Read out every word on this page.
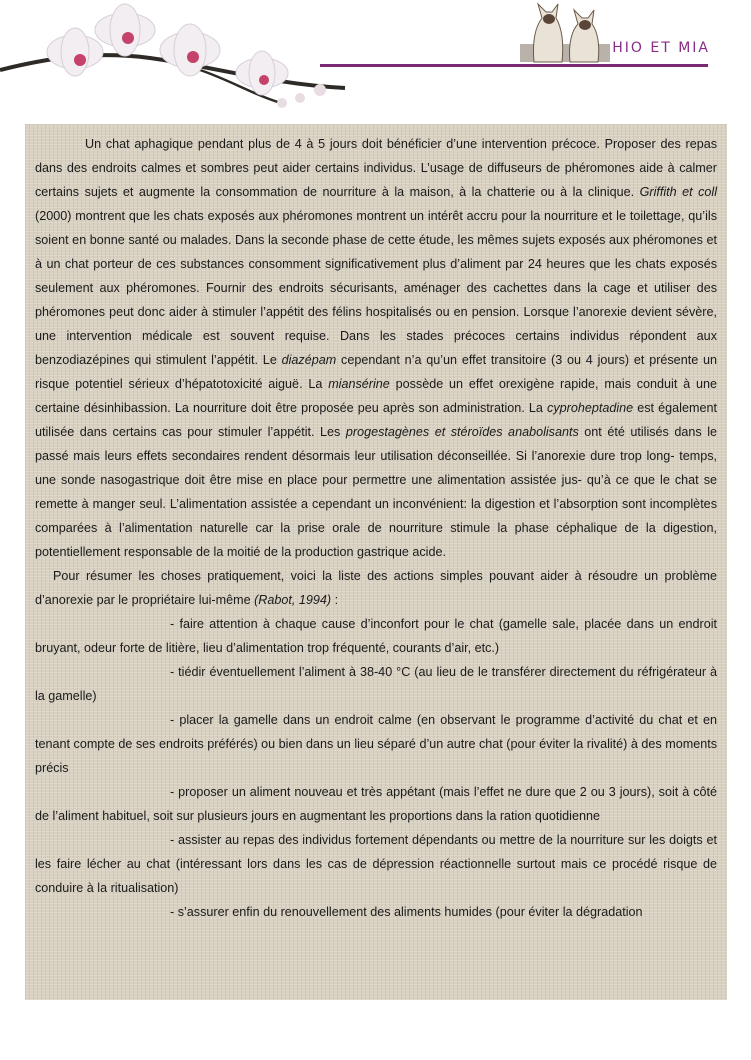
HIO ET MIA

Un chat aphagique pendant plus de 4 à 5 jours doit bénéficier d’une intervention précoce. Proposer des repas dans des endroits calmes et sombres peut aider certains individus. L’usage de diffuseurs de phéromones aide à calmer certains sujets et augmente la consommation de nourriture à la maison, à la chatterie ou à la clinique. Griffith et coll (2000) montrent que les chats exposés aux phéromones montrent un intérêt accru pour la nourriture et le toilettage, qu’ils soient en bonne santé ou malades. Dans la seconde phase de cette étude, les mêmes sujets exposés aux phéromones et à un chat porteur de ces substances consomment significativement plus d’aliment par 24 heures que les chats exposés seulement aux phéromones. Fournir des endroits sécurisants, aménager des cachettes dans la cage et utiliser des phéromones peut donc aider à stimuler l’appétit des félins hospitalisés ou en pension. Lorsque l’anorexie devient sévère, une intervention médicale est souvent requise. Dans les stades précoces certains individus répondent aux benzodiazépines qui stimulent l’appétit. Le diazépam cependant n’a qu’un effet transitoire (3 ou 4 jours) et présente un risque potentiel sérieux d’hépatotoxicité aiguë. La miansérine possède un effet orexigène rapide, mais conduit à une certaine désinhibassion. La nourriture doit être proposée peu après son administration. La cyproheptadine est également utilisée dans certains cas pour stimuler l’appétit. Les progestagènes et stéroïdes anabolisants ont été utilisés dans le passé mais leurs effets secondaires rendent désormais leur utilisation déconseillée. Si l’anorexie dure trop long- temps, une sonde nasogastrique doit être mise en place pour permettre une alimentation assistée jus- qu’à ce que le chat se remette à manger seul. L’alimentation assistée a cependant un inconvénient: la digestion et l’absorption sont incomplètes comparées à l’alimentation naturelle car la prise orale de nourriture stimule la phase céphalique de la digestion, potentiellement responsable de la moitié de la production gastrique acide.

Pour résumer les choses pratiquement, voici la liste des actions simples pouvant aider à résoudre un problème d’anorexie par le propriétaire lui-même (Rabot, 1994) :

- faire attention à chaque cause d’inconfort pour le chat (gamelle sale, placée dans un endroit bruyant, odeur forte de litière, lieu d’alimentation trop fréquenté, courants d’air, etc.)

- tiédir éventuellement l’aliment à 38-40 °C (au lieu de le transférer directement du réfrigérateur à la gamelle)

- placer la gamelle dans un endroit calme (en observant le programme d’activité du chat et en tenant compte de ses endroits préférés) ou bien dans un lieu séparé d’un autre chat (pour éviter la rivalité) à des moments précis

- proposer un aliment nouveau et très appétant (mais l’effet ne dure que 2 ou 3 jours), soit à côté de l’aliment habituel, soit sur plusieurs jours en augmentant les proportions dans la ration quotidienne

- assister au repas des individus fortement dépendants ou mettre de la nourriture sur les doigts et les faire lécher au chat (intéressant lors dans les cas de dépression réactionnelle surtout mais ce procédé risque de conduire à la ritualisation)

- s’assurer enfin du renouvellement des aliments humides (pour éviter la dégradation
